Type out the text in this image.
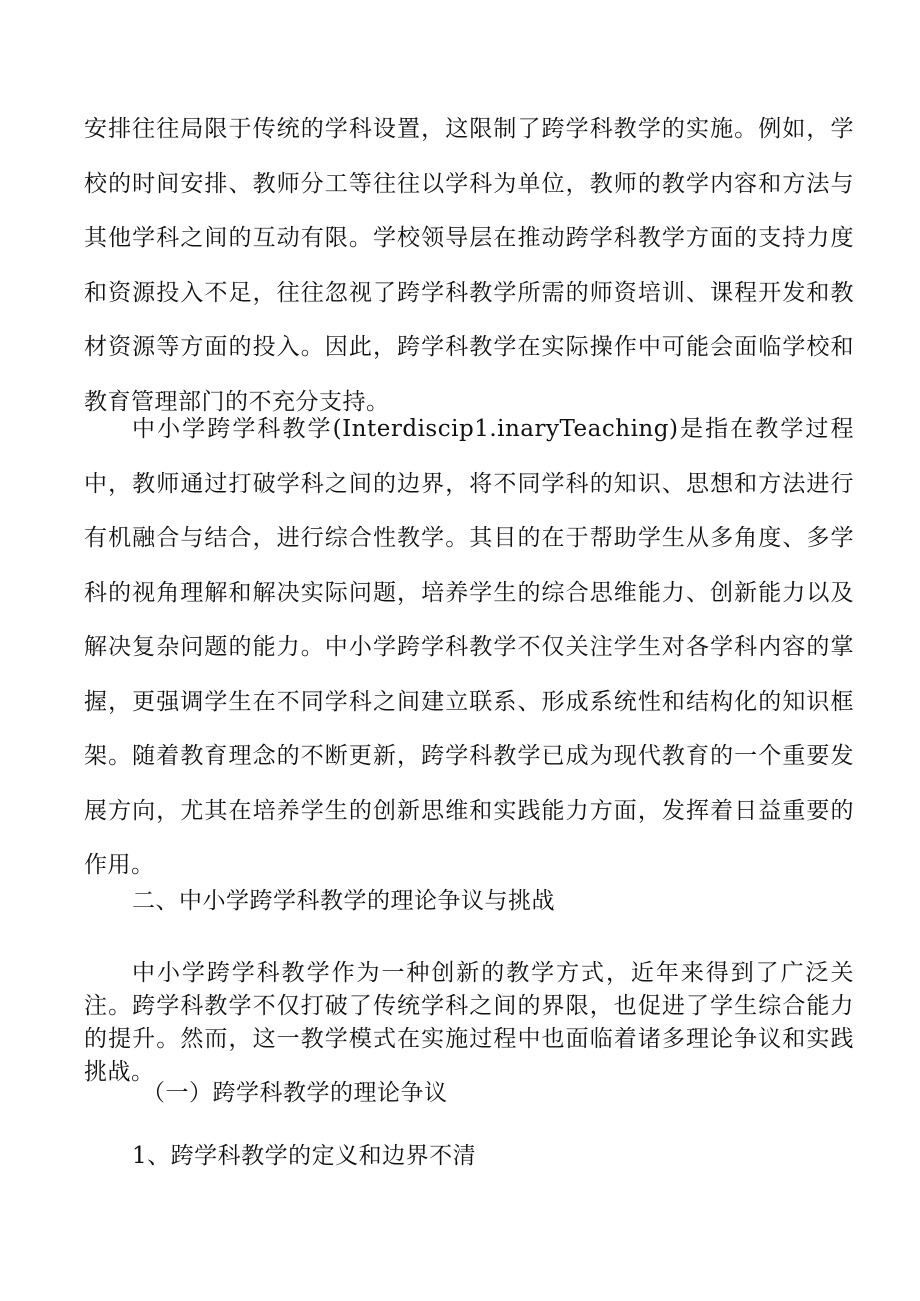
安排往往局限于传统的学科设置，这限制了跨学科教学的实施。例如，学校的时间安排、教师分工等往往以学科为单位，教师的教学内容和方法与其他学科之间的互动有限。学校领导层在推动跨学科教学方面的支持力度和资源投入不足，往往忽视了跨学科教学所需的师资培训、课程开发和教材资源等方面的投入。因此，跨学科教学在实际操作中可能会面临学校和教育管理部门的不充分支持。

中小学跨学科教学(Interdiscip1.inaryTeaching)是指在教学过程中，教师通过打破学科之间的边界，将不同学科的知识、思想和方法进行有机融合与结合，进行综合性教学。其目的在于帮助学生从多角度、多学科的视角理解和解决实际问题，培养学生的综合思维能力、创新能力以及解决复杂问题的能力。中小学跨学科教学不仅关注学生对各学科内容的掌握，更强调学生在不同学科之间建立联系、形成系统性和结构化的知识框架。随着教育理念的不断更新，跨学科教学已成为现代教育的一个重要发展方向，尤其在培养学生的创新思维和实践能力方面，发挥着日益重要的作用。

二、中小学跨学科教学的理论争议与挑战

中小学跨学科教学作为一种创新的教学方式，近年来得到了广泛关注。跨学科教学不仅打破了传统学科之间的界限，也促进了学生综合能力的提升。然而，这一教学模式在实施过程中也面临着诸多理论争议和实践挑战。

（一）跨学科教学的理论争议

1、跨学科教学的定义和边界不清
